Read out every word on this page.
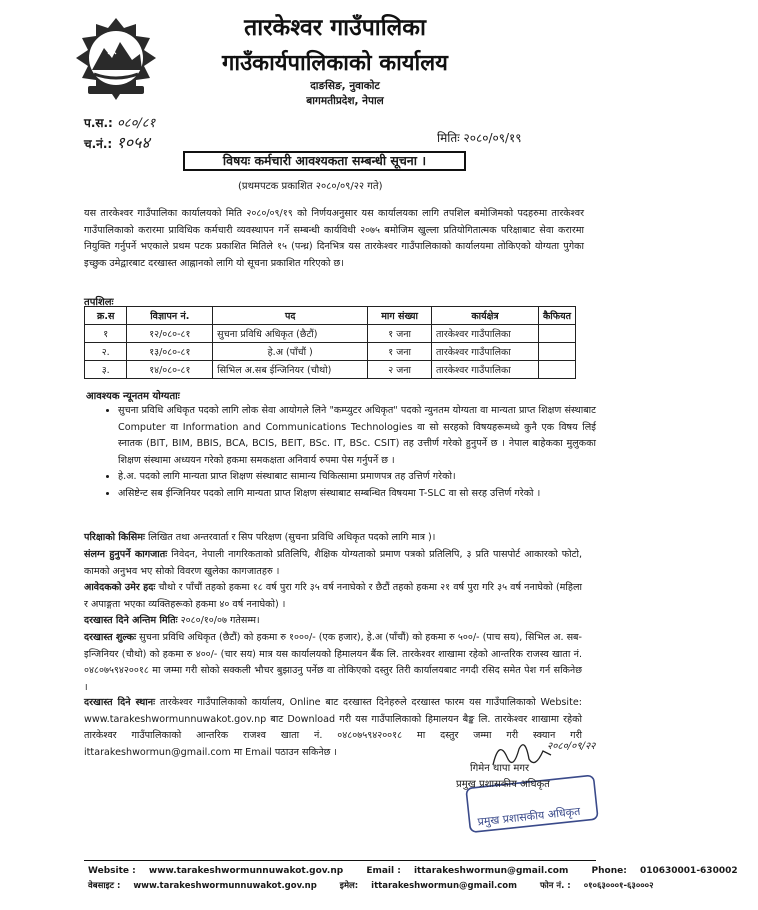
तारकेश्वर गाउँपालिका
गाउँकार्यपालिकाको कार्यालय
दाङसिङ, नुवाकोट
बागमतीप्रदेश, नेपाल
प.स.: ०८०/८१
च.नं.: १०५४	मितिः २०८०/०९/१९
विषयः कर्मचारी आवश्यकता सम्बन्धी सूचना ।
(प्रथमपटक प्रकाशित २०८०/०९/२२ गते)
यस तारकेश्वर गाउँपालिका कार्यालयको मिति २०८०/०९/१९ को निर्णयअनुसार यस कार्यालयका लागि तपशिल बमोजिमको पदहरुमा तारकेश्वर गाउँपालिकाको करारमा प्राविधिक कर्मचारी व्यवस्थापन गर्ने सम्बन्धी कार्यविधी २०७५ बमोजिम खुल्ला प्रतियोगितात्मक परिक्षाबाट सेवा करारमा नियुक्ति गर्नुपर्ने भएकाले प्रथम पटक प्रकाशित मितिले १५ (पन्ध्र) दिनभित्र यस तारकेश्वर गाउँपालिकाको कार्यालयमा तोकिएको योग्यता पुगेका इच्छुक उमेद्वारबाट दरखास्त आह्नानको लागि यो सूचना प्रकाशित गरिएको छ।
तपशिलः
क्र.स	विज्ञापन नं.	पद	माग संख्या	कार्यक्षेत्र	कैफियत
१	१२/०८०-८१	सुचना प्रविधि अधिकृत (छैटौं)	१ जना	तारकेश्वर गाउँपालिका	
२.	१३/०८०-८१	हे.अ (पाँचौं )	१ जना	तारकेश्वर गाउँपालिका	
३.	१४/०८०-८१	सिभिल अ.सब ईन्जिनियर (चौथो)	२ जना	तारकेश्वर गाउँपालिका	
आवश्यक न्यूनतम योग्यताः
• सुचना प्रविधि अधिकृत पदको लागि लोक सेवा आयोगले लिने "कम्प्युटर अधिकृत" पदको न्युनतम योग्यता वा मान्यता प्राप्त शिक्षण संस्थाबाट Computer वा Information and Communications Technologies वा सो सरहको विषयहरूमध्ये कुनै एक विषय लिई स्नातक (BIT, BIM, BBIS, BCA, BCIS, BEIT, BSc. IT, BSc. CSIT) तह उत्तीर्ण गरेको हुनुपर्ने छ । नेपाल बाहेकका मुलुकका शिक्षण संस्थामा अध्ययन गरेको हकमा समकक्षता अनिवार्य रुपमा पेस गर्नुपर्ने छ ।
• हे.अ. पदको लागि मान्यता प्राप्त शिक्षण संस्थाबाट सामान्य चिकित्सामा प्रमाणपत्र तह उत्तिर्ण गरेको।
• असिष्टेन्ट सब ईन्जिनियर पदको लागि मान्यता प्राप्त शिक्षण संस्थाबाट सम्बन्धित विषयमा T-SLC वा सो सरह उत्तिर्ण गरेको ।
परिक्षाको किसिमः लिखित तथा अन्तरवार्ता र सिप परिक्षण (सुचना प्रविधि अधिकृत पदको लागि मात्र )।
संलग्न हुनुपर्ने कागजातः निवेदन, नेपाली नागरिकताको प्रतिलिपि, शैक्षिक योग्यताको प्रमाण पत्रको प्रतिलिपि, ३ प्रति पासपोर्ट आकारको फोटो, कामको अनुभव भए सोको विवरण खुलेका कागजातहरु ।
आवेदकको उमेर हदः चौथो र पाँचौं तहको हकमा १८ वर्ष पुरा गरि ३५ वर्ष ननाघेको र छैटौं तहको हकमा २१ वर्ष पुरा गरि ३५ वर्ष ननाघेको (महिला र अपाङ्गता भएका व्यक्तिहरूको हकमा ४० वर्ष ननाघेको) ।
दरखास्त दिने अन्तिम मितिः २०८०/१०/०७ गतेसम्म।
दरखास्त शुल्कः सुचना प्रविधि अधिकृत (छैटौं) को हकमा रु १०००/- (एक हजार), हे.अ (पाँचौं) को हकमा रु ५००/- (पाच सय), सिभिल अ. सब- इन्जिनियर (चौथो) को हकमा रु ४००/- (चार सय) मात्र यस कार्यालयको हिमालयन बैंक लि. तारकेश्वर शाखामा रहेको आन्तरिक राजस्व खाता नं. ०४८०७५९४२००१८ मा जम्मा गरी सोको सक्कली भौचर बुझाउनु पर्नेछ वा तोकिएको दस्तुर तिरी कार्यालयबाट नगदी रसिद समेत पेश गर्न सकिनेछ ।
दरखास्त दिने स्थानः तारकेश्वर गाउँपालिकाको कार्यालय, Online बाट दरखास्त दिनेहरुले दरखास्त फारम यस गाउँपालिकाको Website: www.tarakeshwormunnuwakot.gov.np बाट Download गरी यस गाउँपालिकाको हिमालयन बैङ्क लि. तारकेश्वर शाखामा रहेको तारकेश्वर गाउँपालिकाको आन्तरिक राजश्व खाता नं. ०४८०७५९४२००१८ मा दस्तुर जम्मा गरी स्क्यान गरी ittarakeshwormun@gmail.com मा Email पठाउन सकिनेछ ।	२०८०/०९/२२
प्रमुख प्रशासकीय अधिकृत
गिमेन थापा मगर
प्रमुख प्रशासकीय अधिकृत
Website : www.tarakeshwormunnuwakot.gov.np	Email : ittarakeshwormun@gmail.com	Phone: 010630001-630002
वेबसाइट : www.tarakeshwormunnuwakot.gov.np	इमेल: ittarakeshwormun@gmail.com	फोन नं. : ०१०६३०००१-६३०००२
